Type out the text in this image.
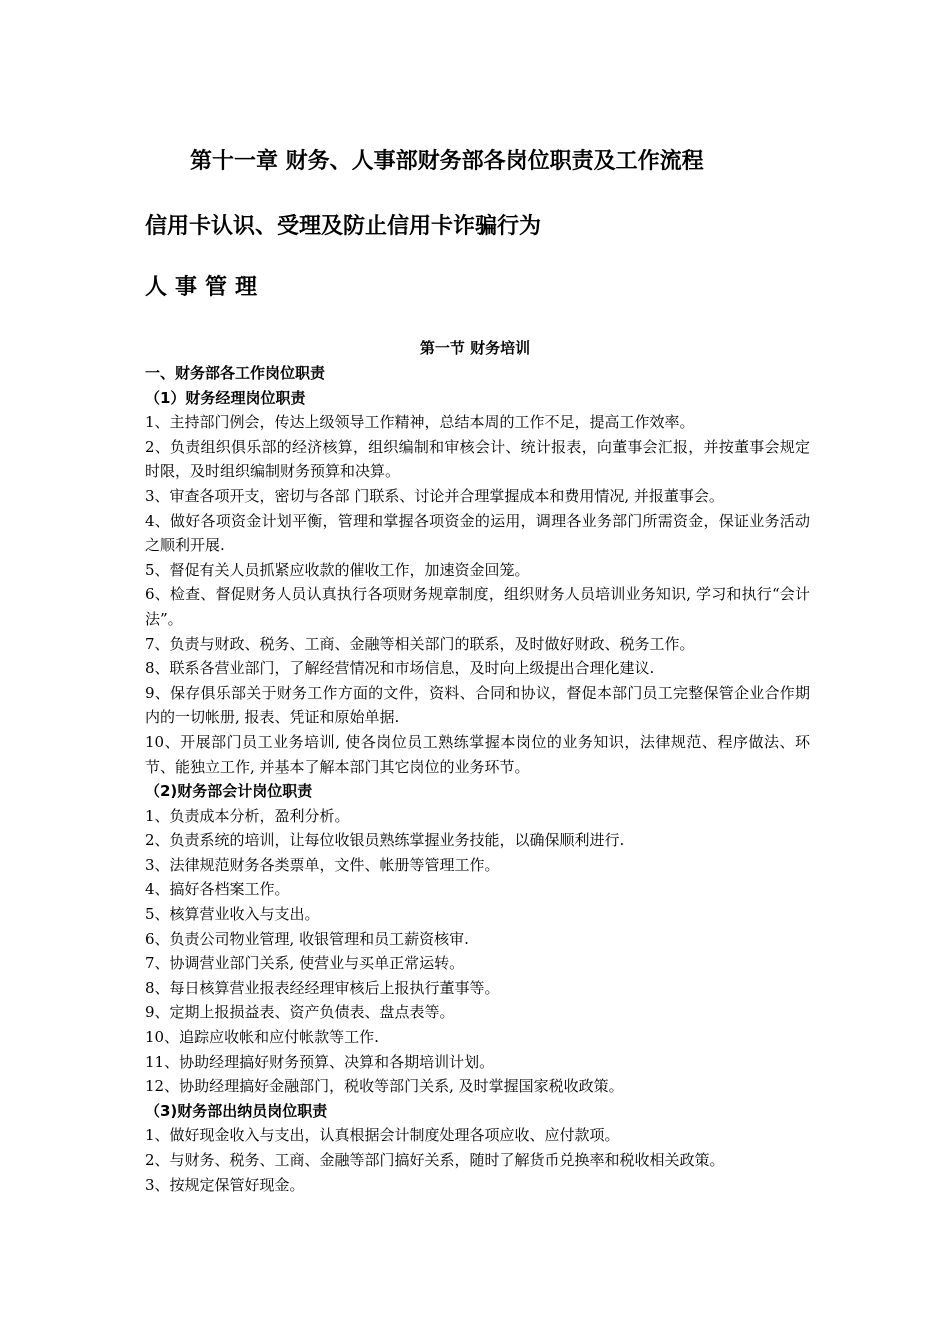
第十一章 财务、人事部财务部各岗位职责及工作流程
信用卡认识、受理及防止信用卡诈骗行为
人事管理
第一节 财务培训
一、财务部各工作岗位职责
（1）财务经理岗位职责
1、主持部门例会，传达上级领导工作精神，总结本周的工作不足，提高工作效率。
2、负责组织俱乐部的经济核算，组织编制和审核会计、统计报表，向董事会汇报，并按董事会规定时限，及时组织编制财务预算和决算。
3、审查各项开支，密切与各部 门联系、讨论并合理掌握成本和费用情况, 并报董事会。
4、做好各项资金计划平衡，管理和掌握各项资金的运用，调理各业务部门所需资金，保证业务活动之顺利开展.
5、督促有关人员抓紧应收款的催收工作，加速资金回笼。
6、检查、督促财务人员认真执行各项财务规章制度，组织财务人员培训业务知识, 学习和执行“会计法”。
7、负责与财政、税务、工商、金融等相关部门的联系，及时做好财政、税务工作。
8、联系各营业部门，了解经营情况和市场信息，及时向上级提出合理化建议.
9、保存俱乐部关于财务工作方面的文件，资料、合同和协议，督促本部门员工完整保管企业合作期内的一切帐册, 报表、凭证和原始单据.
10、开展部门员工业务培训, 使各岗位员工熟练掌握本岗位的业务知识，法律规范、程序做法、环节、能独立工作, 并基本了解本部门其它岗位的业务环节。
（2)财务部会计岗位职责
1、负责成本分析，盈利分析。
2、负责系统的培训，让每位收银员熟练掌握业务技能，以确保顺利进行.
3、法律规范财务各类票单，文件、帐册等管理工作。
4、搞好各档案工作。
5、核算营业收入与支出。
6、负责公司物业管理, 收银管理和员工薪资核审.
7、协调营业部门关系, 使营业与买单正常运转。
8、每日核算营业报表经经理审核后上报执行董事等。
9、定期上报损益表、资产负债表、盘点表等。
10、追踪应收帐和应付帐款等工作.
11、协助经理搞好财务预算、决算和各期培训计划。
12、协助经理搞好金融部门，税收等部门关系, 及时掌握国家税收政策。
（3)财务部出纳员岗位职责
1、做好现金收入与支出，认真根据会计制度处理各项应收、应付款项。
2、与财务、税务、工商、金融等部门搞好关系，随时了解货币兑换率和税收相关政策。
3、按规定保管好现金。
